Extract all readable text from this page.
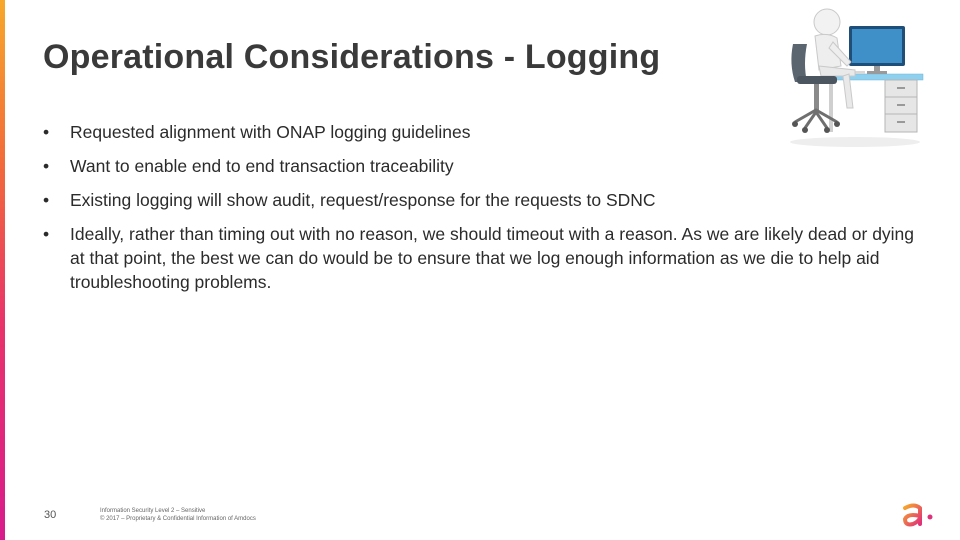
Operational Considerations - Logging
•	Requested alignment with ONAP logging guidelines
•	Want to enable end to end transaction traceability
•	Existing logging will show audit, request/response for the requests to SDNC
•	Ideally, rather than timing out with no reason, we should timeout with a reason. As we are likely dead or dying at that point, the best we can do would be to ensure that we log enough information as we die to help aid troubleshooting problems.
30	Information Security Level 2 – Sensitive
© 2017 – Proprietary & Confidential Information of Amdocs
